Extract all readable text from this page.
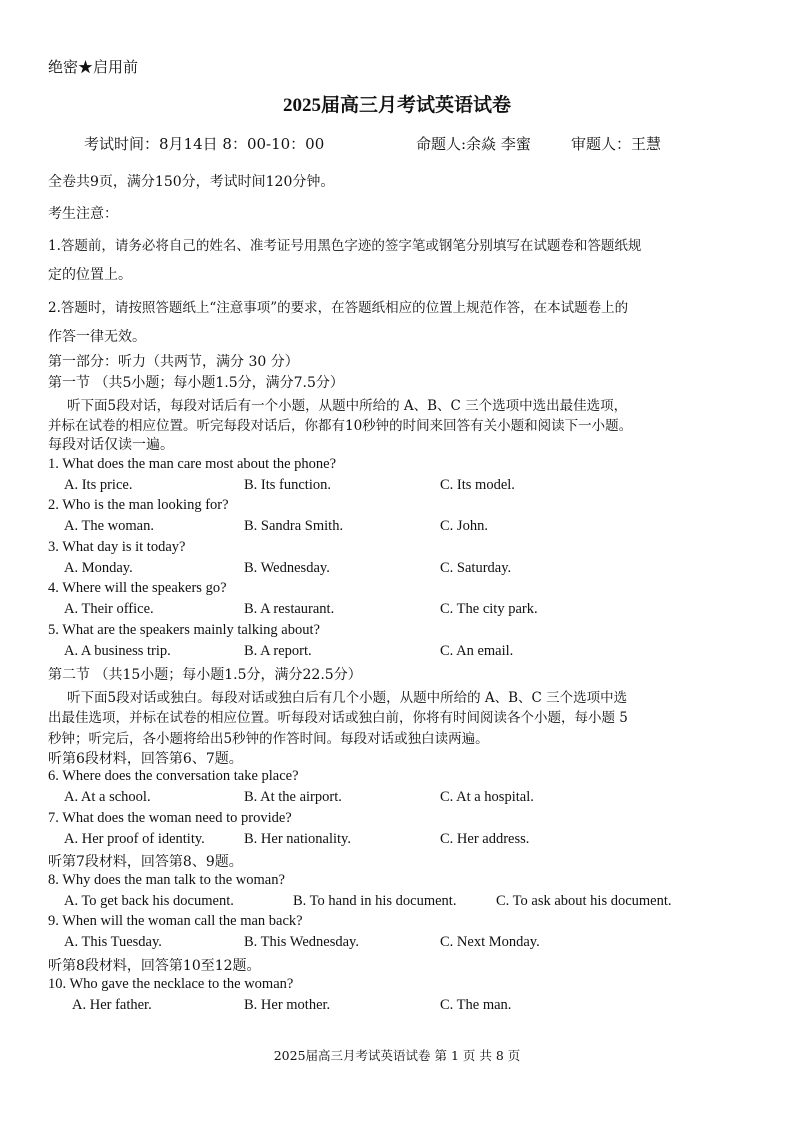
绝密★启用前
2025届高三月考试英语试卷
考试时间：8月14日 8：00-10：00	命题人:余焱 李蜜	审题人：王慧
全卷共9页，满分150分，考试时间120分钟。
考生注意：
1.答题前，请务必将自己的姓名、准考证号用黑色字迹的签字笔或钢笔分别填写在试题卷和答题纸规
定的位置上。
2.答题时，请按照答题纸上“注意事项”的要求，在答题纸相应的位置上规范作答，在本试题卷上的
作答一律无效。
第一部分：听力（共两节，满分 30 分）
第一节 （共5小题；每小题1.5分，满分7.5分）
听下面5段对话，每段对话后有一个小题，从题中所给的 A、B、C 三个选项中选出最佳选项，
并标在试卷的相应位置。听完每段对话后，你都有10秒钟的时间来回答有关小题和阅读下一小题。
每段对话仅读一遍。
1. What does the man care most about the phone?
A. Its price.	B. Its function.	C. Its model.
2. Who is the man looking for?
A. The woman.	B. Sandra Smith.	C. John.
3. What day is it today?
A. Monday.	B. Wednesday.	C. Saturday.
4. Where will the speakers go?
A. Their office.	B. A restaurant.	C. The city park.
5. What are the speakers mainly talking about?
A. A business trip.	B. A report.	C. An email.
第二节 （共15小题；每小题1.5分，满分22.5分）
听下面5段对话或独白。每段对话或独白后有几个小题，从题中所给的 A、B、C 三个选项中选
出最佳选项，并标在试卷的相应位置。听每段对话或独白前，你将有时间阅读各个小题，每小题 5
秒钟；听完后，各小题将给出5秒钟的作答时间。每段对话或独白读两遍。
听第6段材料，回答第6、7题。
6. Where does the conversation take place?
A. At a school.	B. At the airport.	C. At a hospital.
7. What does the woman need to provide?
A. Her proof of identity.	B. Her nationality.	C. Her address.
听第7段材料，回答第8、9题。
8. Why does the man talk to the woman?
A. To get back his document.	B. To hand in his document.	C. To ask about his document.
9. When will the woman call the man back?
A. This Tuesday.	B. This Wednesday.	C. Next Monday.
听第8段材料，回答第10至12题。
10. Who gave the necklace to the woman?
A. Her father.	B. Her mother.	C. The man.
2025届高三月考试英语试卷 第 1 页 共 8 页
